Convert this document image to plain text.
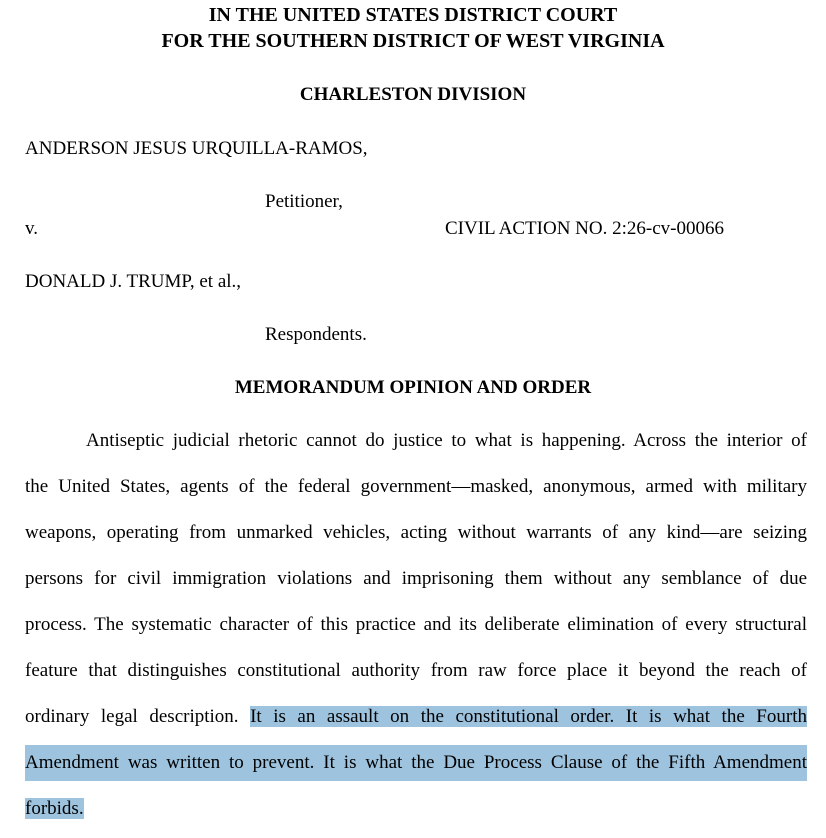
IN THE UNITED STATES DISTRICT COURT
FOR THE SOUTHERN DISTRICT OF WEST VIRGINIA
CHARLESTON DIVISION
ANDERSON JESUS URQUILLA-RAMOS,
Petitioner,
v.	CIVIL ACTION NO. 2:26-cv-00066
DONALD J. TRUMP, et al.,
Respondents.
MEMORANDUM OPINION AND ORDER
Antiseptic judicial rhetoric cannot do justice to what is happening. Across the interior of
the United States, agents of the federal government—masked, anonymous, armed with military
weapons, operating from unmarked vehicles, acting without warrants of any kind—are seizing
persons for civil immigration violations and imprisoning them without any semblance of due
process. The systematic character of this practice and its deliberate elimination of every structural
feature that distinguishes constitutional authority from raw force place it beyond the reach of
ordinary legal description. It is an assault on the constitutional order. It is what the Fourth
Amendment was written to prevent. It is what the Due Process Clause of the Fifth Amendment
forbids.
